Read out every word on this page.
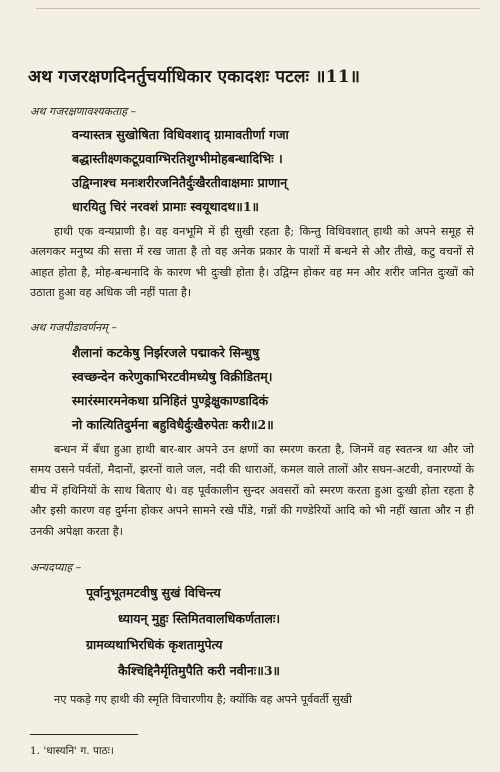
अथ गजरक्षणदिनर्तुचर्याधिकार एकादशः पटलः ॥11॥
अथ गजरक्षणावश्यकताह –
वन्यास्तत्र सुखोषिता विधिवशाद् ग्रामावतीर्णा गजा
बद्धास्तीक्ष्णकटूग्रवाग्भिरतिशुग्भीमोहबन्धादिभिः ।
उद्विग्नाश्च मनःशरीरजनितैर्दुःखैरतीवाक्षमाः प्राणान्
धारयितु चिरं नरवशं प्रामाः स्वयूथादथ॥1॥
हाथी एक वन्यप्राणी है। वह वनभूमि में ही सुखी रहता है; किन्तु विधिवशात् हाथी को अपने समूह से अलगकर मनुष्य की सत्ता में रख जाता है तो वह अनेक प्रकार के पाशों में बन्धने से और तीखे, कटु वचनों से आहत होता है, मोह-बन्धनादि के कारण भी दुःखी होता है। उद्विग्न होकर वह मन और शरीर जनित दुःखों को उठाता हुआ वह अधिक जी नहीं पाता है।
अथ गजपीडावर्णनम् –
शैलानां कटकेषु निर्झरजले पद्माकरे सिन्धुषु
स्वच्छन्देन करेणुकाभिरटवीमध्येषु विक्रीडितम्।
स्मारंस्मारमनेकधा ग्रनिहितं पुण्ड्रेक्षुकाण्डादिकं
नो कात्यितिदुर्मना बहुविधैर्दुःखैरुपेतः करी॥2॥
बन्धन में बँधा हुआ हाथी बार-बार अपने उन क्षणों का स्मरण करता है, जिनमें वह स्वतन्त्र था और जो समय उसने पर्वतों, मैदानों, झरनों वाले जल, नदी की धाराओं, कमल वाले तालों और सघन-अटवी, वनारण्यों के बीच में हथिनियों के साथ बिताए थे। वह पूर्वकालीन सुन्दर अवसरों को स्मरण करता हुआ दुःखी होता रहता है और इसी कारण वह दुर्मना होकर अपने सामने रखे पौंडे, गन्नों की गण्डेरियों आदि को भी नहीं खाता और न ही उनकी अपेक्षा करता है।
अन्यदप्याह –
पूर्वानुभूतमटवीषु सुखं विचिन्त्य
ध्यायन् मुहुः स्तिमितवालधिकर्णतालः।
ग्रामव्यथाभिरधिकं कृशतामुपेत्य
कैश्चिद्दिनैर्मृतिमुपैति करी नवीनः॥3॥
नए पकड़े गए हाथी की स्मृति विचारणीय है; क्योंकि वह अपने पूर्ववर्ती सुखी
1. 'धास्यनि' ग. पाठः।
